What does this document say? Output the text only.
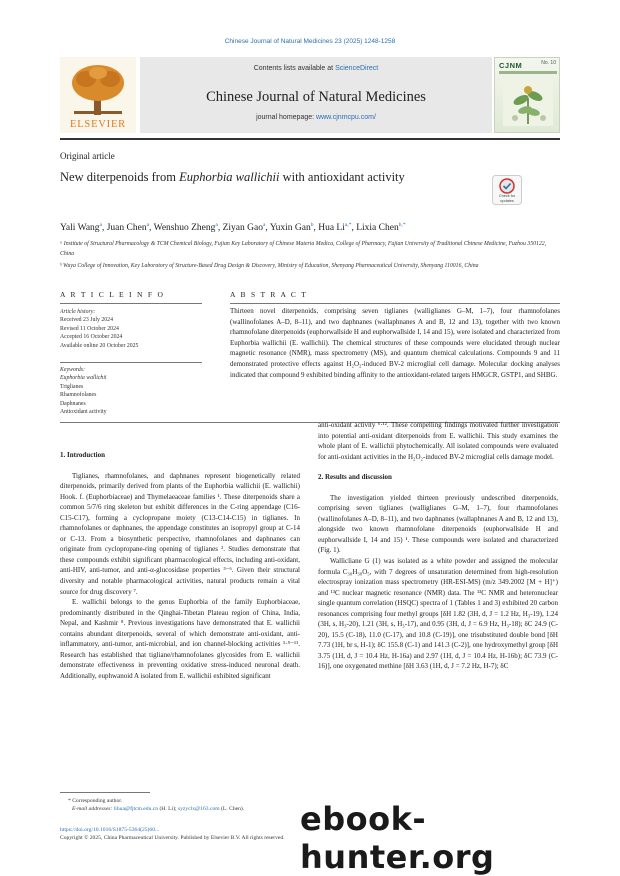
Chinese Journal of Natural Medicines 23 (2025) 1248-1258
ELSEVIER
Contents lists available at ScienceDirect
Chinese Journal of Natural Medicines
journal homepage: www.cjnmcpu.com/
CJNM	No. 10
Original article
New diterpenoids from Euphorbia wallichii with antioxidant activity
Check for
updates
Yali Wang$^a$, Juan Chen$^a$, Wenshuo Zheng$^a$, Ziyan Gao$^a$, Yuxin Gan$^b$, Hua $Li^{a,*}$, Lixia Chen$^{b,*}$
ᵃ Institute of Structural Pharmacology & TCM Chemical Biology, Fujian Key Laboratory of Chinese Materia Medica, College of Pharmacy, Fujian University of Traditional Chinese Medicine, Fuzhou 350122, China
ᵇ Wuya College of Innovation, Key Laboratory of Structure-Based Drug Design & Discovery, Ministry of Education, Shenyang Pharmaceutical University, Shenyang 110016, China
A R T I C L E I N F O	A B S T R A C T
Article history:
Received 23 July 2024
Revised 11 October 2024
Accepted 16 October 2024
Available online 20 October 2025
Keywords:
Euphorbia wallichii
Triglianes
Rhamnofolanes
Daphnanes
Antioxidant activity
Thirteen novel diterpenoids, comprising seven tiglianes (walliglianes G–M, 1–7), four rhamnofolanes (wallinofolanes A–D, 8–11), and two daphnanes (wallaphnanes A and B, 12 and 13), together with two known rhamnofolane diterpenoids (euphorwallside H and euphorwallside I, 14 and 15), were isolated and characterized from Euphorbia wallichii (E. wallichii). The chemical structures of these compounds were elucidated through nuclear magnetic resonance (NMR), mass spectrometry (MS), and quantum chemical calculations. Compounds 9 and 11 demonstrated protective effects against H₂O₂-induced BV-2 microglial cell damage. Molecular docking analyses indicated that compound 9 exhibited binding affinity to the antioxidant-related targets HMGCR, GSTP1, and SHBG.

1. Introduction

Tiglianes, rhamnofolanes, and daphnanes represent biogenetically related diterpenoids, primarily derived from plants of the Euphorbia wallichii (E. wallichii) Hook. f. (Euphorbiaceae) and Thymelaeaceae families ¹. These diterpenoids share a common 5/7/6 ring skeleton but exhibit differences in the C-ring appendage (C16-C15-C17), forming a cyclopropane moiety (C13-C14-C15) in tiglianes. In rhamnofolanes or daphnanes, the appendage constitutes an isopropyl group at C-14 or C-13. From a biosynthetic perspective, rhamnofolanes and daphnanes can originate from cyclopropane-ring opening of tiglianes ². Studies demonstrate that these compounds exhibit significant pharmacological effects, including anti-oxidant, anti-HIV, anti-tumor, and anti-α-glucosidase properties ³⁻⁶. Given their structural diversity and notable pharmacological activities, natural products remain a vital source for drug discovery ⁷.

E. wallichii belongs to the genus Euphorbia of the family Euphorbiaceae, predominantly distributed in the Qinghai-Tibetan Plateau region of China, India, Nepal, and Kashmir ⁸. Previous investigations have demonstrated that E. wallichii contains abundant diterpenoids, several of which demonstrate anti-oxidant, anti-inflammatory, anti-tumor, anti-microbial, and ion channel-blocking activities ⁵·⁹⁻¹¹. Research has established that tigliane/rhamnofolanes glycosides from E. wallichii demonstrate effectiveness in preventing oxidative stress-induced neuronal death. Additionally, euphwanoid A isolated from E. wallichii exhibited significant

anti-oxidant activity ⁶·¹². These compelling findings motivated further investigation into potential anti-oxidant diterpenoids from E. wallichii. This study examines the whole plant of E. wallichii phytochemically. All isolated compounds were evaluated for anti-oxidant activities in the H₂O₂-induced BV-2 microglial cells damage model.

2. Results and discussion

The investigation yielded thirteen previously undescribed diterpenoids, comprising seven tiglianes (walliglianes G–M, 1–7), four rhamnofolanes (wallinofolanes A–D, 8–11), and two daphnanes (wallaphnanes A and B, 12 and 13), alongside two known rhamnofolane diterpenoids (euphorwallside H and euphorwallside I, 14 and 15) ¹. These compounds were isolated and characterized (Fig. 1).

Wallicliane G (1) was isolated as a white powder and assigned the molecular formula C₃₀H₃₈O₅, with 7 degrees of unsaturation determined from high-resolution electrospray ionization mass spectrometry (HR-ESI-MS) (m/z 349.2002 [M + H]⁺) and ¹³C nuclear magnetic resonance (NMR) data. The ¹³C NMR and heteronuclear single quantum correlation (HSQC) spectra of 1 (Tables 1 and 3) exhibited 20 carbon resonances comprising four methyl groups [δH 1.82 (3H, d, J = 1.2 Hz, H₃-19), 1.24 (3H, s, H₃-20), 1.21 (3H, s, H₃-17), and 0.95 (3H, d, J = 6.9 Hz, H₃-18); δC 24.9 (C-20), 15.5 (C-18), 11.0 (C-17), and 10.8 (C-19)], one trisubstituted double bond [δH 7.73 (1H, br s, H-1); δC 155.8 (C-1) and 141.3 (C-2)], one hydroxymethyl group [δH 3.75 (1H, d, J = 10.4 Hz, H-16a) and 2.97 (1H, d, J = 10.4 Hz, H-16b); δC 73.9 (C-16)], one oxygenated methine [δH 3.63 (1H, d, J = 7.2 Hz, H-7); δC

* Corresponding author.
E-mail addresses: lihua@fjtcm.edu.cn (H. Li); syzyclx@163.com (L. Chen).
https://doi.org/10.1016/S1875-5364(25)60...
Copyright © 2025, China Pharmaceutical University. Published by Elsevier B.V. All rights reserved.
ebook-hunter.org
